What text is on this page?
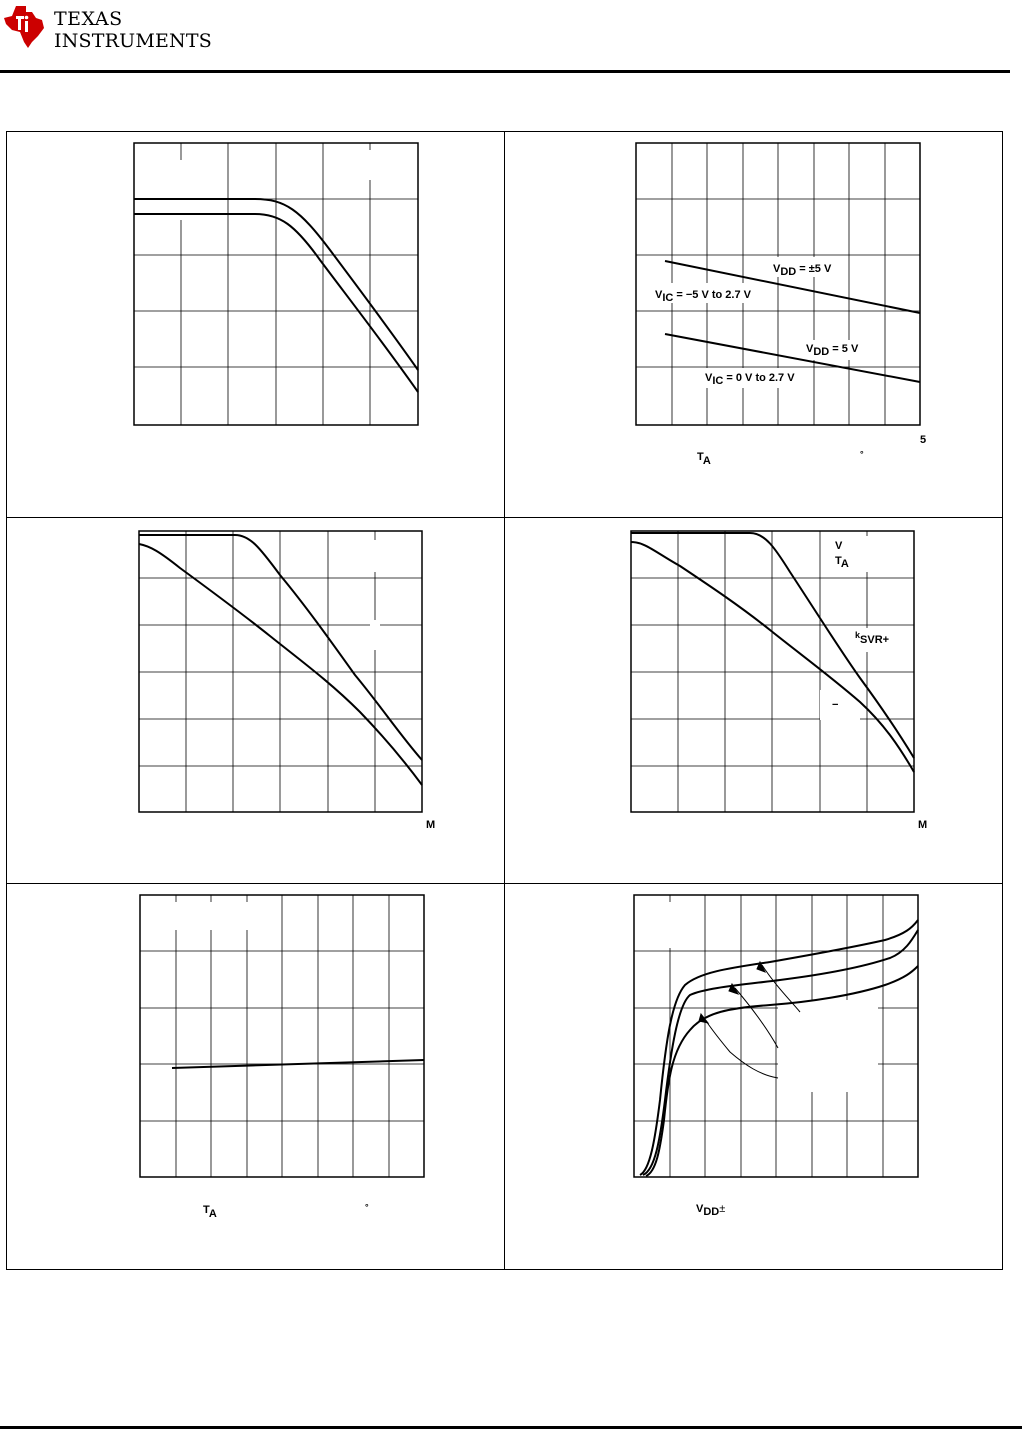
TEXAS
INSTRUMENTS
VIC = −5 V to 2.7 V
VDD = ±5 V
VDD = 5 V
VIC = 0 V to 2.7 V
5
TA
°
M
V
TA
$^k$SVR+
−
M
TA
°	VDD±
